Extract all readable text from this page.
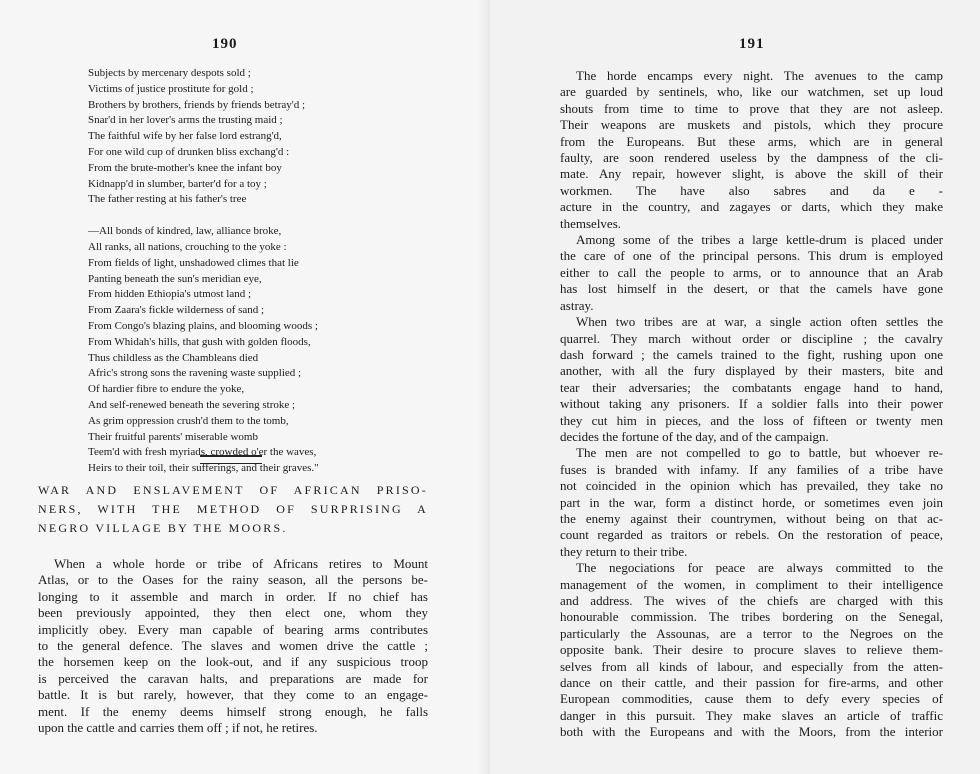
190
Subjects by mercenary despots sold ;
Victims of justice prostitute for gold ;
Brothers by brothers, friends by friends betray'd ;
Snar'd in her lover's arms the trusting maid ;
The faithful wife by her false lord estrang'd,
For one wild cup of drunken bliss exchang'd :
From the brute-mother's knee the infant boy
Kidnapp'd in slumber, barter'd for a toy ;
The father resting at his father's tree
—All bonds of kindred, law, alliance broke,
All ranks, all nations, crouching to the yoke :
From fields of light, unshadowed climes that lie
Panting beneath the sun's meridian eye,
From hidden Ethiopia's utmost land ;
From Zaara's fickle wilderness of sand ;
From Congo's blazing plains, and blooming woods ;
From Whidah's hills, that gush with golden floods,
Thus childless as the Chambleans died
Afric's strong sons the ravening waste supplied ;
Of hardier fibre to endure the yoke,
And self-renewed beneath the severing stroke ;
As grim oppression crush'd them to the tomb,
Their fruitful parents' miserable womb
Teem'd with fresh myriads, crowded o'er the waves,
Heirs to their toil, their sufferings, and their graves."
WAR AND ENSLAVEMENT OF AFRICAN PRISO-
NERS, WITH THE METHOD OF SURPRISING A
NEGRO VILLAGE BY THE MOORS.
When a whole horde or tribe of Africans retires to Mount
Atlas, or to the Oases for the rainy season, all the persons be-
longing to it assemble and march in order. If no chief has
been previously appointed, they then elect one, whom they
implicitly obey. Every man capable of bearing arms contributes
to the general defence. The slaves and women drive the cattle ;
the horsemen keep on the look-out, and if any suspicious troop
is perceived the caravan halts, and preparations are made for
battle. It is but rarely, however, that they come to an engage-
ment. If the enemy deems himself strong enough, he falls
upon the cattle and carries them off ; if not, he retires.
191
The horde encamps every night. The avenues to the camp
are guarded by sentinels, who, like our watchmen, set up loud
shouts from time to time to prove that they are not asleep.
Their weapons are muskets and pistols, which they procure
from the Europeans. But these arms, which are in general
faulty, are soon rendered useless by the dampness of the cli-
mate. Any repair, however slight, is above the skill of their
workmen. The have also sabres and da e -
acture in the country, and zagayes or darts, which they make
themselves.
Among some of the tribes a large kettle-drum is placed under
the care of one of the principal persons. This drum is employed
either to call the people to arms, or to announce that an Arab
has lost himself in the desert, or that the camels have gone
astray.
When two tribes are at war, a single action often settles the
quarrel. They march without order or discipline ; the cavalry
dash forward ; the camels trained to the fight, rushing upon one
another, with all the fury displayed by their masters, bite and
tear their adversaries; the combatants engage hand to hand,
without taking any prisoners. If a soldier falls into their power
they cut him in pieces, and the loss of fifteen or twenty men
decides the fortune of the day, and of the campaign.
The men are not compelled to go to battle, but whoever re-
fuses is branded with infamy. If any families of a tribe have
not coincided in the opinion which has prevailed, they take no
part in the war, form a distinct horde, or sometimes even join
the enemy against their countrymen, without being on that ac-
count regarded as traitors or rebels. On the restoration of peace,
they return to their tribe.
The negociations for peace are always committed to the
management of the women, in compliment to their intelligence
and address. The wives of the chiefs are charged with this
honourable commission. The tribes bordering on the Senegal,
particularly the Assounas, are a terror to the Negroes on the
opposite bank. Their desire to procure slaves to relieve them-
selves from all kinds of labour, and especially from the atten-
dance on their cattle, and their passion for fire-arms, and other
European commodities, cause them to defy every species of
danger in this pursuit. They make slaves an article of traffic
both with the Europeans and with the Moors, from the interior
